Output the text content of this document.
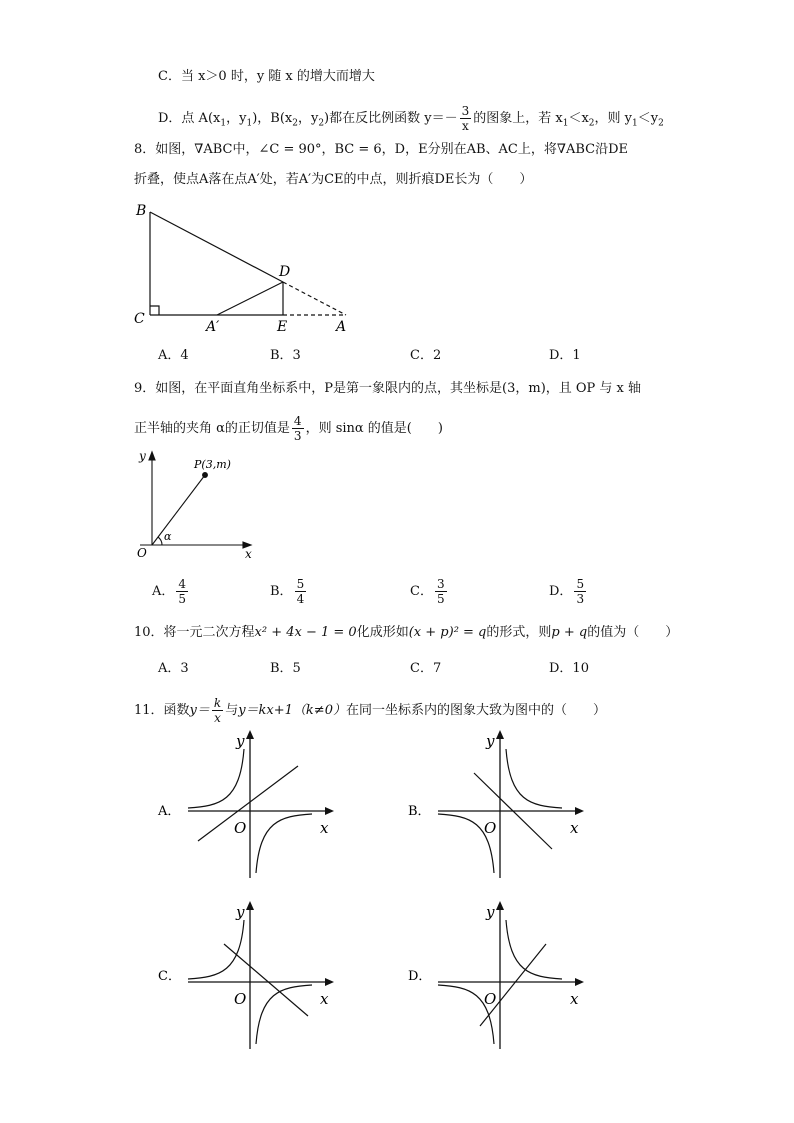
C．当 x＞0 时，y 随 x 的增大而增大
D．点 $A(x_1$，$y_1$)，$B(x_2$，$y_2$)都在反比例函数 $y=- \frac{3}{x}$ 的图象上，若 $x_1<x_2$，则 $y_1<y_2$
8．如图，∇ABC中，∠C = 90°，BC = 6，D，E分别在AB、AC上，将∇ABC沿DE
折叠，使点A落在点A′处，若A′为CE的中点，则折痕DE长为（　　）
B
C	A′	E	A
D
A．4	B．3	C．2	D．1
9．如图，在平面直角坐标系中，P是第一象限内的点，其坐标是(3，m)，且 OP 与 x 轴
正半轴的夹角 α的正切值是 $\frac{4}{3}$ ，则 sinα 的值是(　　)
y
P(3,m)
α
O	x
A． $\frac{4}{5}$	B． $\frac{5}{4}$	C． $\frac{3}{5}$	D． $\frac{5}{3}$
10．将一元二次方程x² + 4x − 1 = 0化成形如(x + p)² = q的形式，则p + q的值为（　　）
A．3	B．5	C．7	D．10
11．函数$y= \frac{k}{x}$ 与y＝kx+1（k≠0）在同一坐标系内的图象大致为图中的（　　）
y
x
O
A．
y
x
O
B．
y
x
O
C．
y
x
O
D．
